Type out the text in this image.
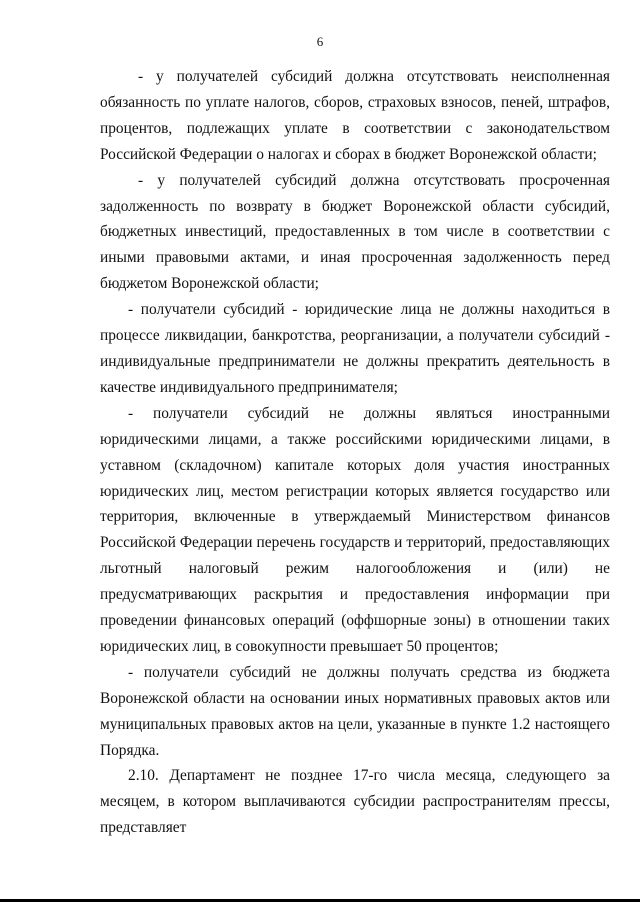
6

- у получателей субсидий должна отсутствовать неисполненная обязанность по уплате налогов, сборов, страховых взносов, пеней, штрафов, процентов, подлежащих уплате в соответствии с законодательством Российской Федерации о налогах и сборах в бюджет Воронежской области;

- у получателей субсидий должна отсутствовать просроченная задолженность по возврату в бюджет Воронежской области субсидий, бюджетных инвестиций, предоставленных в том числе в соответствии с иными правовыми актами, и иная просроченная задолженность перед бюджетом Воронежской области;

- получатели субсидий - юридические лица не должны находиться в процессе ликвидации, банкротства, реорганизации, а получатели субсидий - индивидуальные предприниматели не должны прекратить деятельность в качестве индивидуального предпринимателя;

- получатели субсидий не должны являться иностранными юридическими лицами, а также российскими юридическими лицами, в уставном (складочном) капитале которых доля участия иностранных юридических лиц, местом регистрации которых является государство или территория, включенные в утверждаемый Министерством финансов Российской Федерации перечень государств и территорий, предоставляющих льготный налоговый режим налогообложения и (или) не предусматривающих раскрытия и предоставления информации при проведении финансовых операций (оффшорные зоны) в отношении таких юридических лиц, в совокупности превышает 50 процентов;

- получатели субсидий не должны получать средства из бюджета Воронежской области на основании иных нормативных правовых актов или муниципальных правовых актов на цели, указанные в пункте 1.2 настоящего Порядка.

2.10. Департамент не позднее 17-го числа месяца, следующего за месяцем, в котором выплачиваются субсидии распространителям прессы, представляет
